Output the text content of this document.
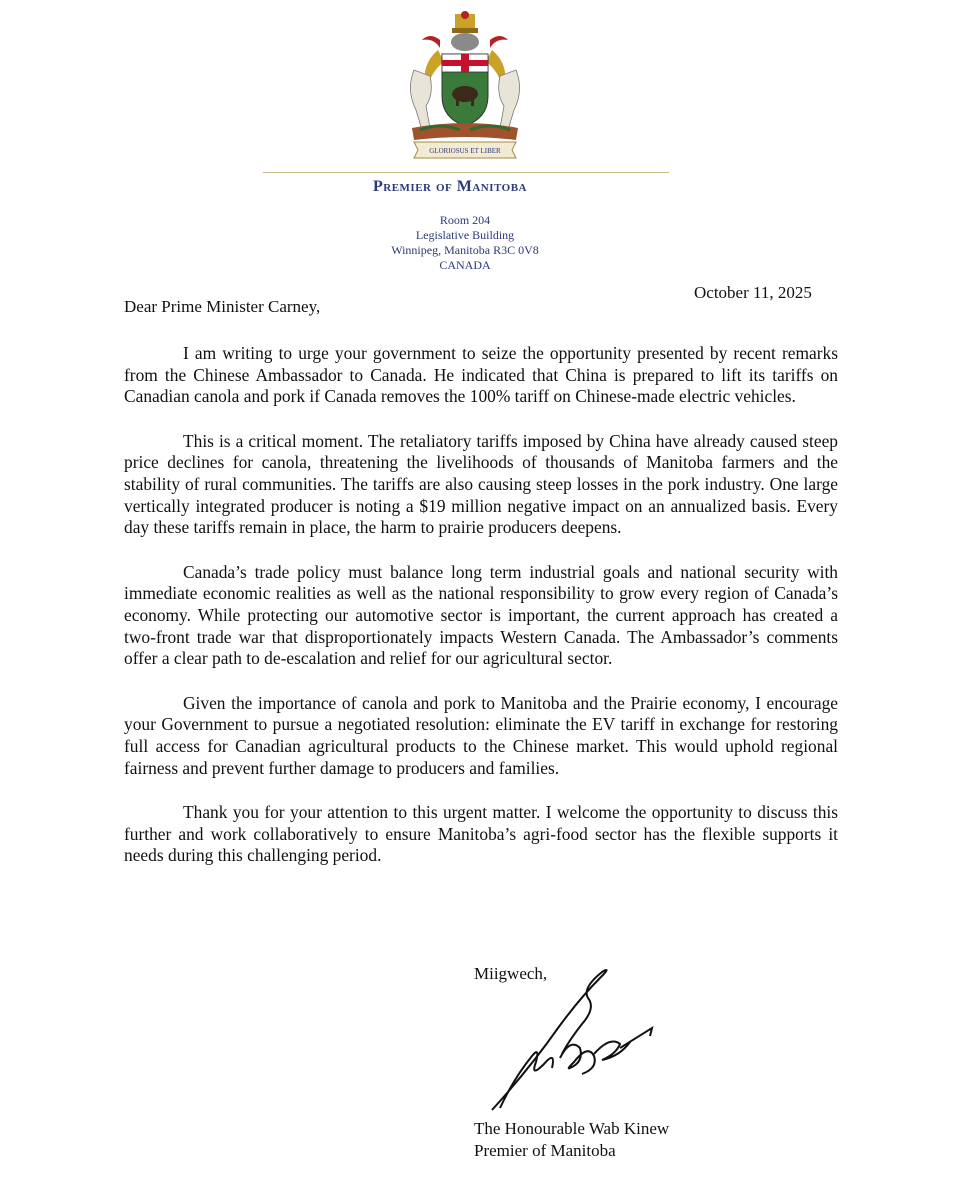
GLORIOSUS ET LIBER
Premier of Manitoba
Room 204
Legislative Building
Winnipeg, Manitoba R3C 0V8
CANADA
October 11, 2025
Dear Prime Minister Carney,

I am writing to urge your government to seize the opportunity presented by recent remarks from the Chinese Ambassador to Canada. He indicated that China is prepared to lift its tariffs on Canadian canola and pork if Canada removes the 100% tariff on Chinese-made electric vehicles.

This is a critical moment. The retaliatory tariffs imposed by China have already caused steep price declines for canola, threatening the livelihoods of thousands of Manitoba farmers and the stability of rural communities. The tariffs are also causing steep losses in the pork industry. One large vertically integrated producer is noting a $19 million negative impact on an annualized basis. Every day these tariffs remain in place, the harm to prairie producers deepens.

Canada’s trade policy must balance long term industrial goals and national security with immediate economic realities as well as the national responsibility to grow every region of Canada’s economy. While protecting our automotive sector is important, the current approach has created a two-front trade war that disproportionately impacts Western Canada. The Ambassador’s comments offer a clear path to de-escalation and relief for our agricultural sector.

Given the importance of canola and pork to Manitoba and the Prairie economy, I encourage your Government to pursue a negotiated resolution: eliminate the EV tariff in exchange for restoring full access for Canadian agricultural products to the Chinese market. This would uphold regional fairness and prevent further damage to producers and families.

Thank you for your attention to this urgent matter. I welcome the opportunity to discuss this further and work collaboratively to ensure Manitoba’s agri-food sector has the flexible supports it needs during this challenging period.

Miigwech,
The Honourable Wab Kinew
Premier of Manitoba
